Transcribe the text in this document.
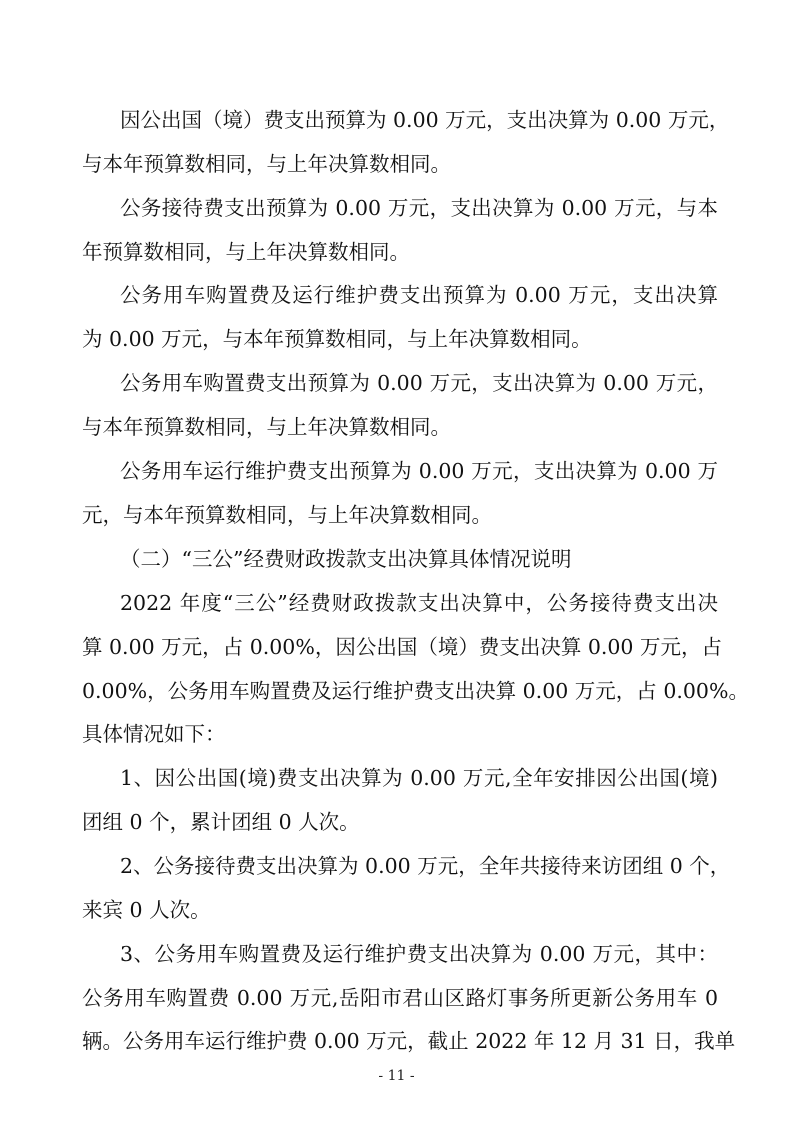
因公出国（境）费支出预算为 0.00 万元，支出决算为 0.00 万元，
与本年预算数相同，与上年决算数相同。
公务接待费支出预算为 0.00 万元，支出决算为 0.00 万元，与本
年预算数相同，与上年决算数相同。
公务用车购置费及运行维护费支出预算为 0.00 万元，支出决算
为 0.00 万元，与本年预算数相同，与上年决算数相同。
公务用车购置费支出预算为 0.00 万元，支出决算为 0.00 万元，
与本年预算数相同，与上年决算数相同。
公务用车运行维护费支出预算为 0.00 万元，支出决算为 0.00 万
元，与本年预算数相同，与上年决算数相同。
（二）“三公”经费财政拨款支出决算具体情况说明
2022 年度“三公”经费财政拨款支出决算中，公务接待费支出决
算 0.00 万元，占 0.00%，因公出国（境）费支出决算 0.00 万元，占
0.00%，公务用车购置费及运行维护费支出决算 0.00 万元，占 0.00%。
具体情况如下：
1、因公出国(境)费支出决算为 0.00 万元,全年安排因公出国(境)
团组 0 个，累计团组 0 人次。
2、公务接待费支出决算为 0.00 万元，全年共接待来访团组 0 个，
来宾 0 人次。
3、公务用车购置费及运行维护费支出决算为 0.00 万元，其中：
公务用车购置费 0.00 万元,岳阳市君山区路灯事务所更新公务用车 0
辆。公务用车运行维护费 0.00 万元，截止 2022 年 12 月 31 日，我单
- 11 -
